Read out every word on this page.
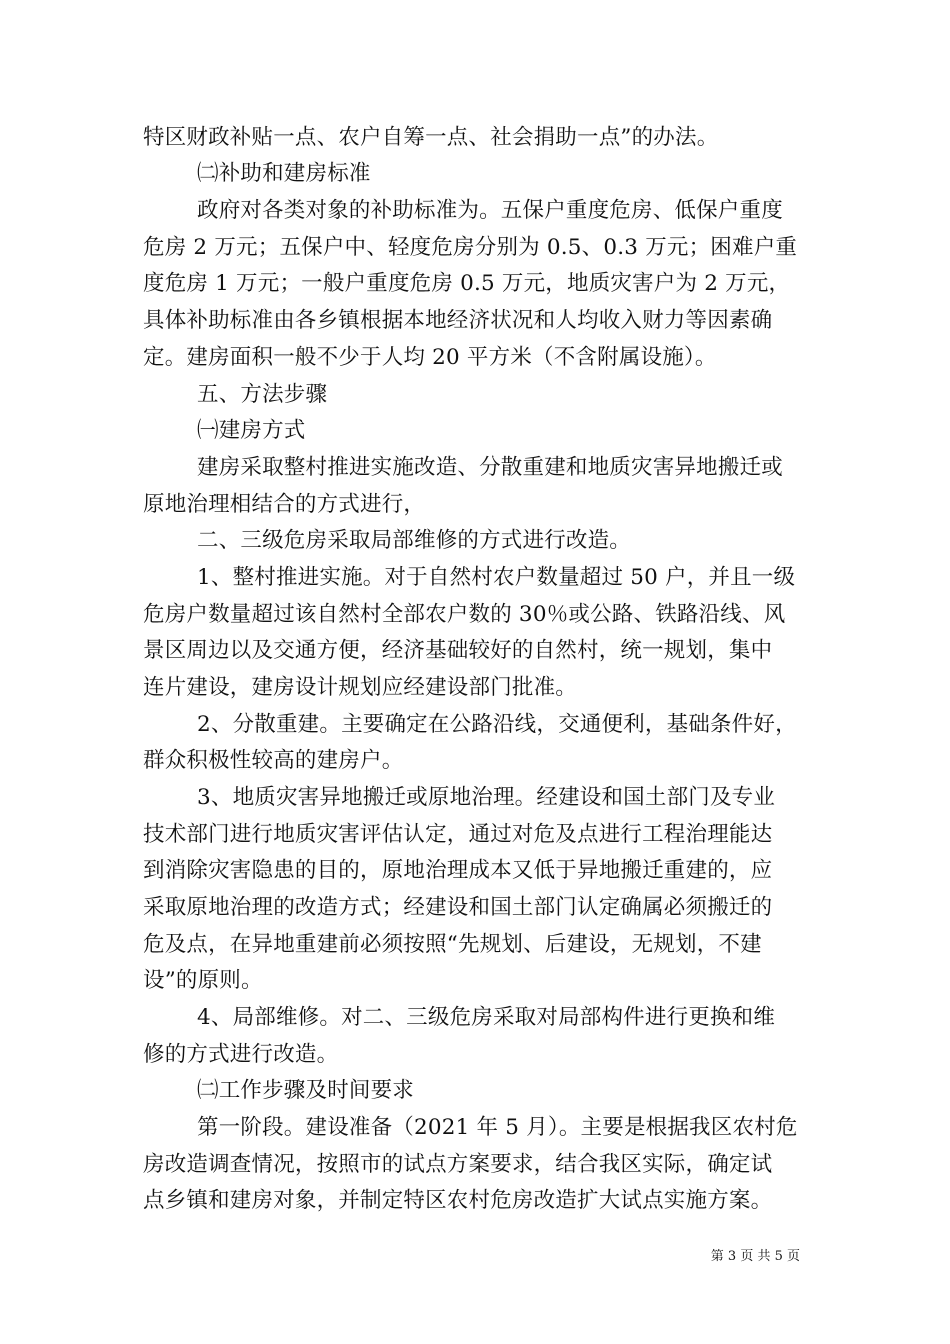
特区财政补贴一点、农户自筹一点、社会捐助一点”的办法。
㈡补助和建房标准
政府对各类对象的补助标准为。五保户重度危房、低保户重度
危房 2 万元；五保户中、轻度危房分别为 0.5、0.3 万元；困难户重
度危房 1 万元；一般户重度危房 0.5 万元，地质灾害户为 2 万元，
具体补助标准由各乡镇根据本地经济状况和人均收入财力等因素确
定。建房面积一般不少于人均 20 平方米（不含附属设施）。
五、方法步骤
㈠建房方式
建房采取整村推进实施改造、分散重建和地质灾害异地搬迁或
原地治理相结合的方式进行，
二、三级危房采取局部维修的方式进行改造。
1、整村推进实施。对于自然村农户数量超过 50 户，并且一级
危房户数量超过该自然村全部农户数的 30％或公路、铁路沿线、风
景区周边以及交通方便，经济基础较好的自然村，统一规划，集中
连片建设，建房设计规划应经建设部门批准。
2、分散重建。主要确定在公路沿线，交通便利，基础条件好，
群众积极性较高的建房户。
3、地质灾害异地搬迁或原地治理。经建设和国土部门及专业
技术部门进行地质灾害评估认定，通过对危及点进行工程治理能达
到消除灾害隐患的目的，原地治理成本又低于异地搬迁重建的，应
采取原地治理的改造方式；经建设和国土部门认定确属必须搬迁的
危及点，在异地重建前必须按照“先规划、后建设，无规划，不建
设”的原则。
4、局部维修。对二、三级危房采取对局部构件进行更换和维
修的方式进行改造。
㈡工作步骤及时间要求
第一阶段。建设准备（2021 年 5 月）。主要是根据我区农村危
房改造调查情况，按照市的试点方案要求，结合我区实际，确定试
点乡镇和建房对象，并制定特区农村危房改造扩大试点实施方案。
第 3 页 共 5 页
